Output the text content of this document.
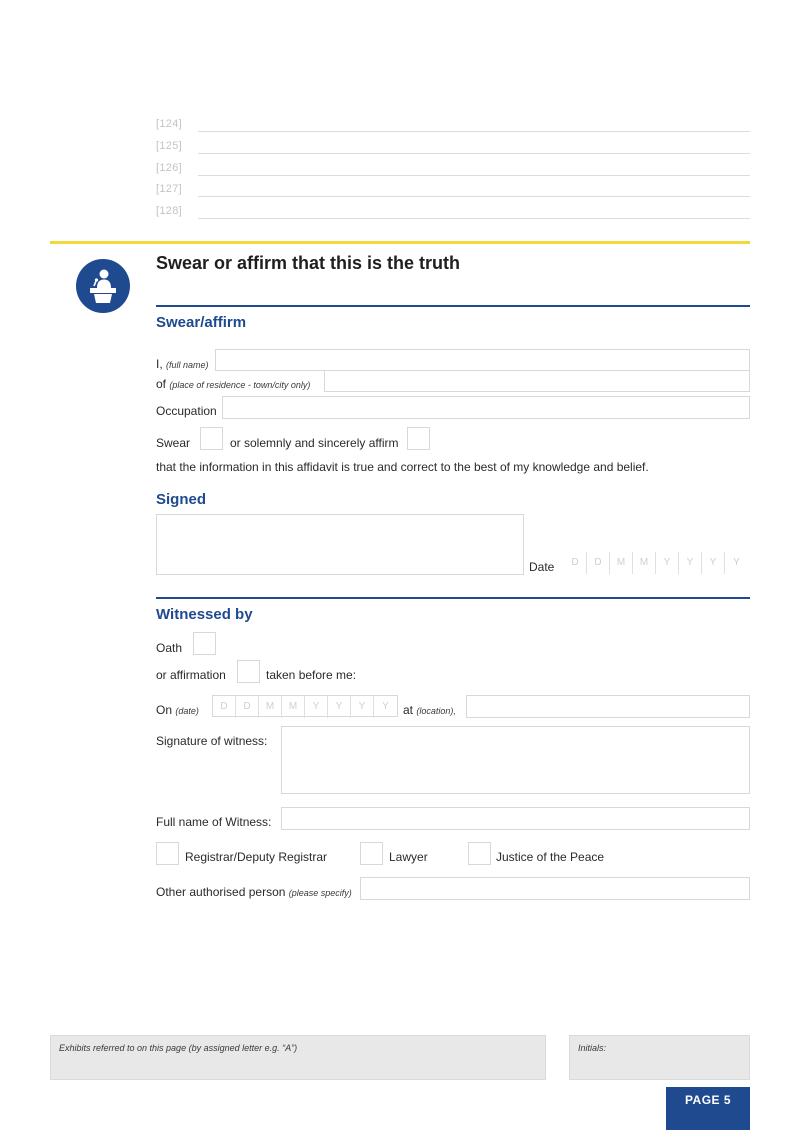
[124]
[125]
[126]
[127]
[128]
Swear or affirm that this is the truth
Swear/affirm
I, (full name)
of (place of residence - town/city only)
Occupation
Swear	or solemnly and sincerely affirm
that the information in this affidavit is true and correct to the best of my knowledge and belief.
Signed
Date	D	D	M	M	Y	Y	Y	Y
Witnessed by
Oath
or affirmation	taken before me:
On (date)	D	D	M	M	Y	Y	Y	Y	at (location),
Signature of witness:
Full name of Witness:
Registrar/Deputy Registrar	Lawyer	Justice of the Peace
Other authorised person (please specify)
Exhibits referred to on this page (by assigned letter e.g. “A”)	Initials:
PAGE 5
